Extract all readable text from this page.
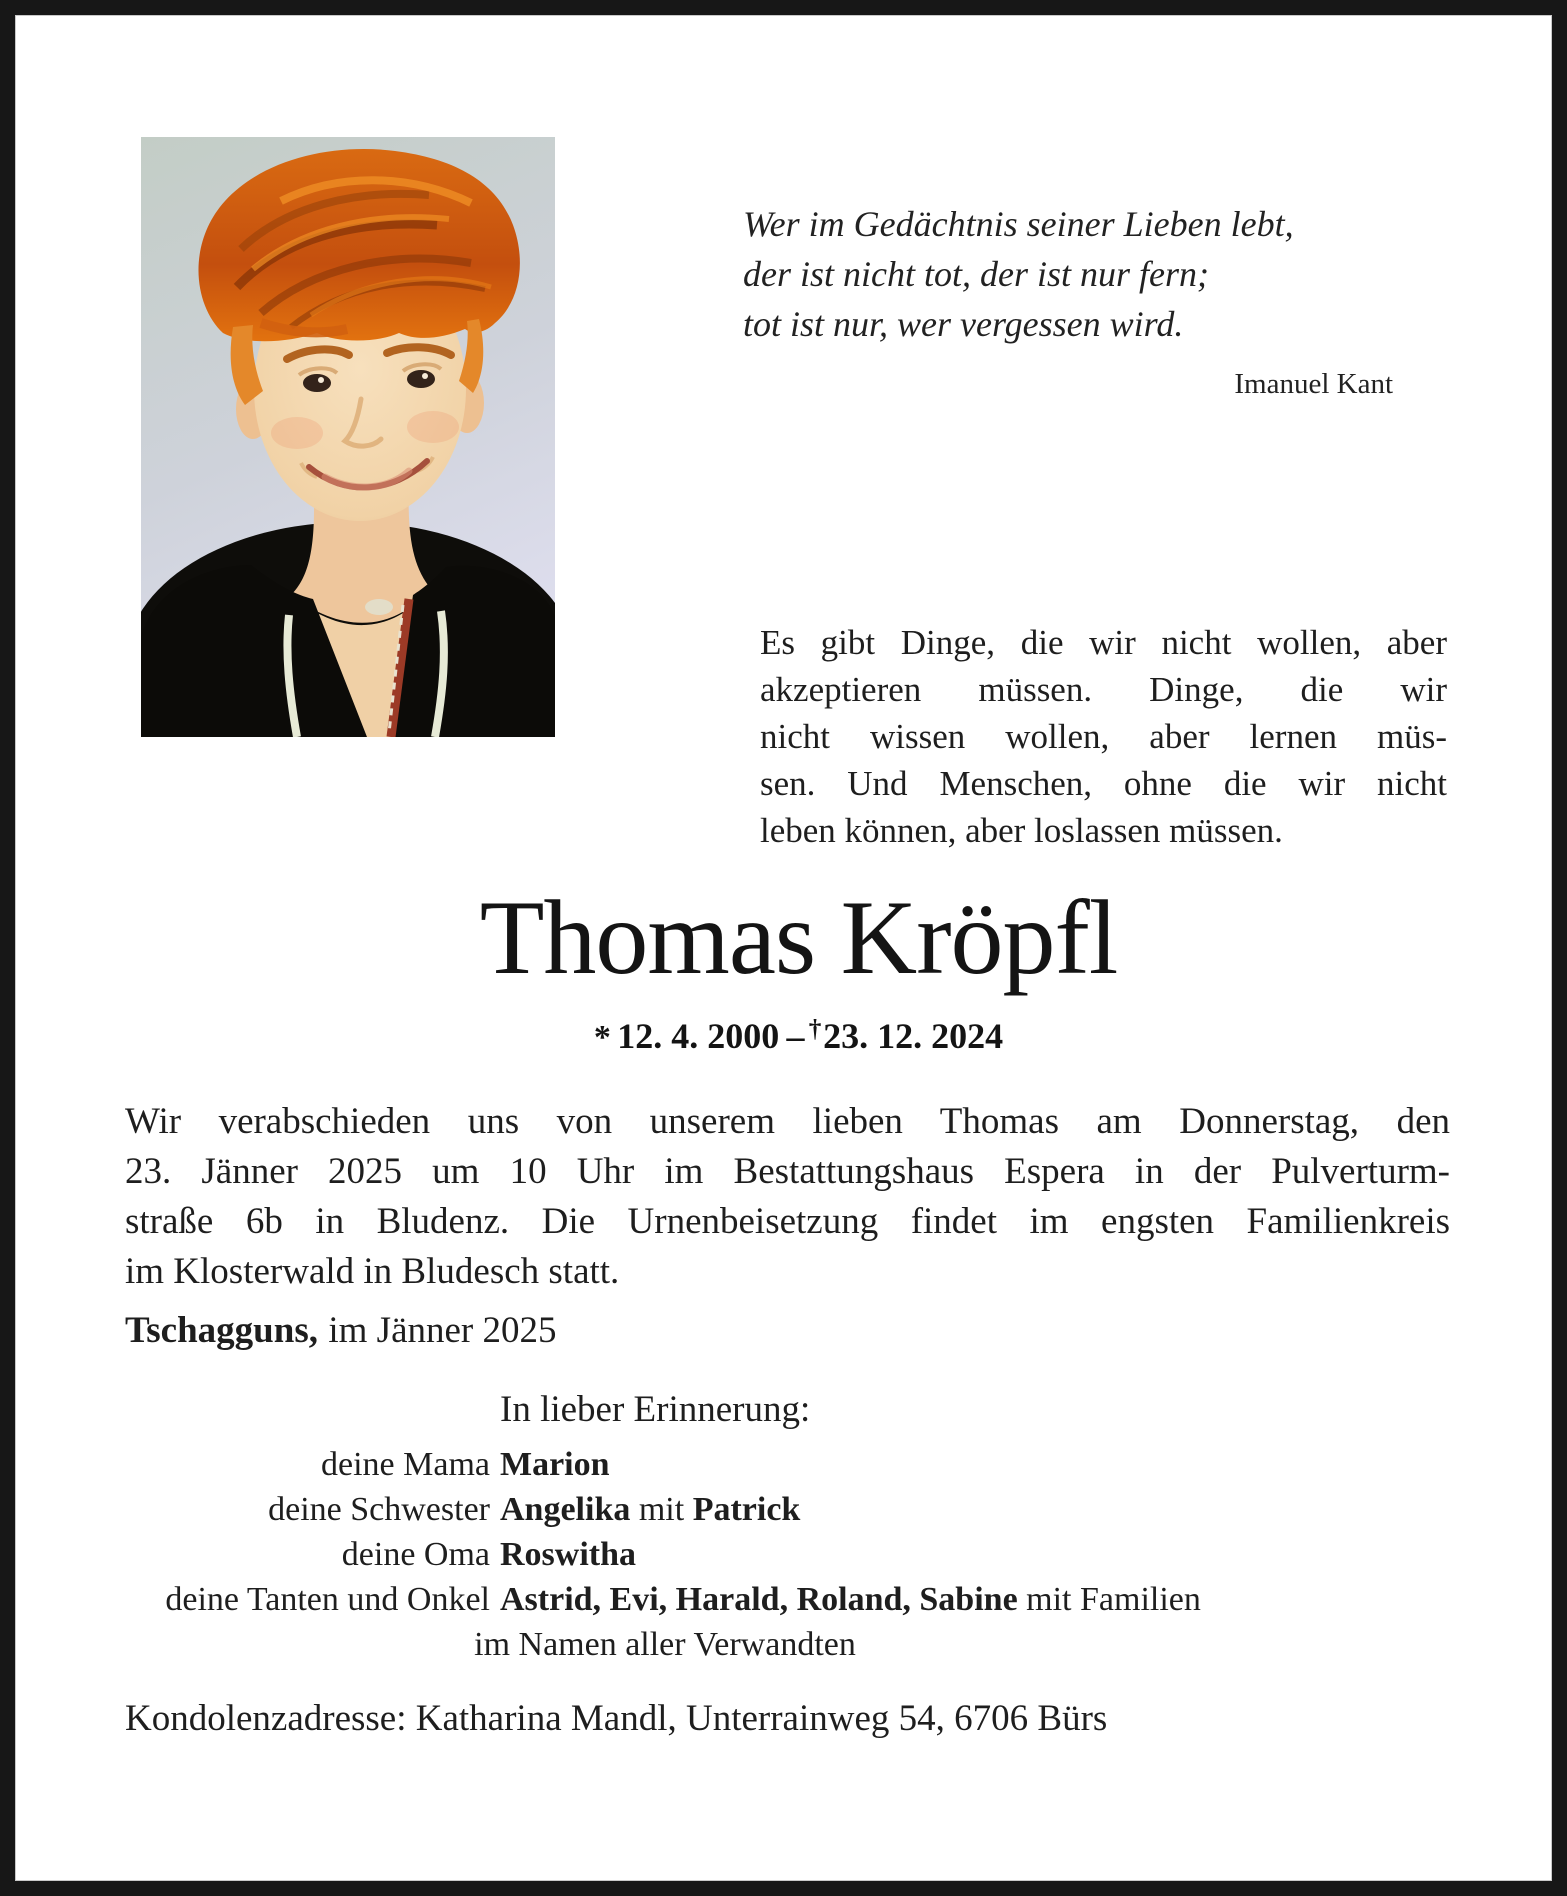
Wer im Gedächtnis seiner Lieben lebt,
der ist nicht tot, der ist nur fern;
tot ist nur, wer vergessen wird.
Imanuel Kant
Es gibt Dinge, die wir nicht wollen, aber
akzeptieren müssen. Dinge, die wir
nicht wissen wollen, aber lernen müs-
sen. Und Menschen, ohne die wir nicht
leben können, aber loslassen müssen.
Thomas Kröpfl
* 12. 4. 2000 – †23. 12. 2024
Wir verabschieden uns von unserem lieben Thomas am Donnerstag, den
23. Jänner 2025 um 10 Uhr im Bestattungshaus Espera in der Pulverturm-
straße 6b in Bludenz. Die Urnenbeisetzung findet im engsten Familienkreis
im Klosterwald in Bludesch statt.
Tschagguns, im Jänner 2025
In lieber Erinnerung:
deine Mama Marion
deine Schwester Angelika mit Patrick
deine Oma Roswitha
deine Tanten und Onkel Astrid, Evi, Harald, Roland, Sabine mit Familien
im Namen aller Verwandten
Kondolenzadresse: Katharina Mandl, Unterrainweg 54, 6706 Bürs
